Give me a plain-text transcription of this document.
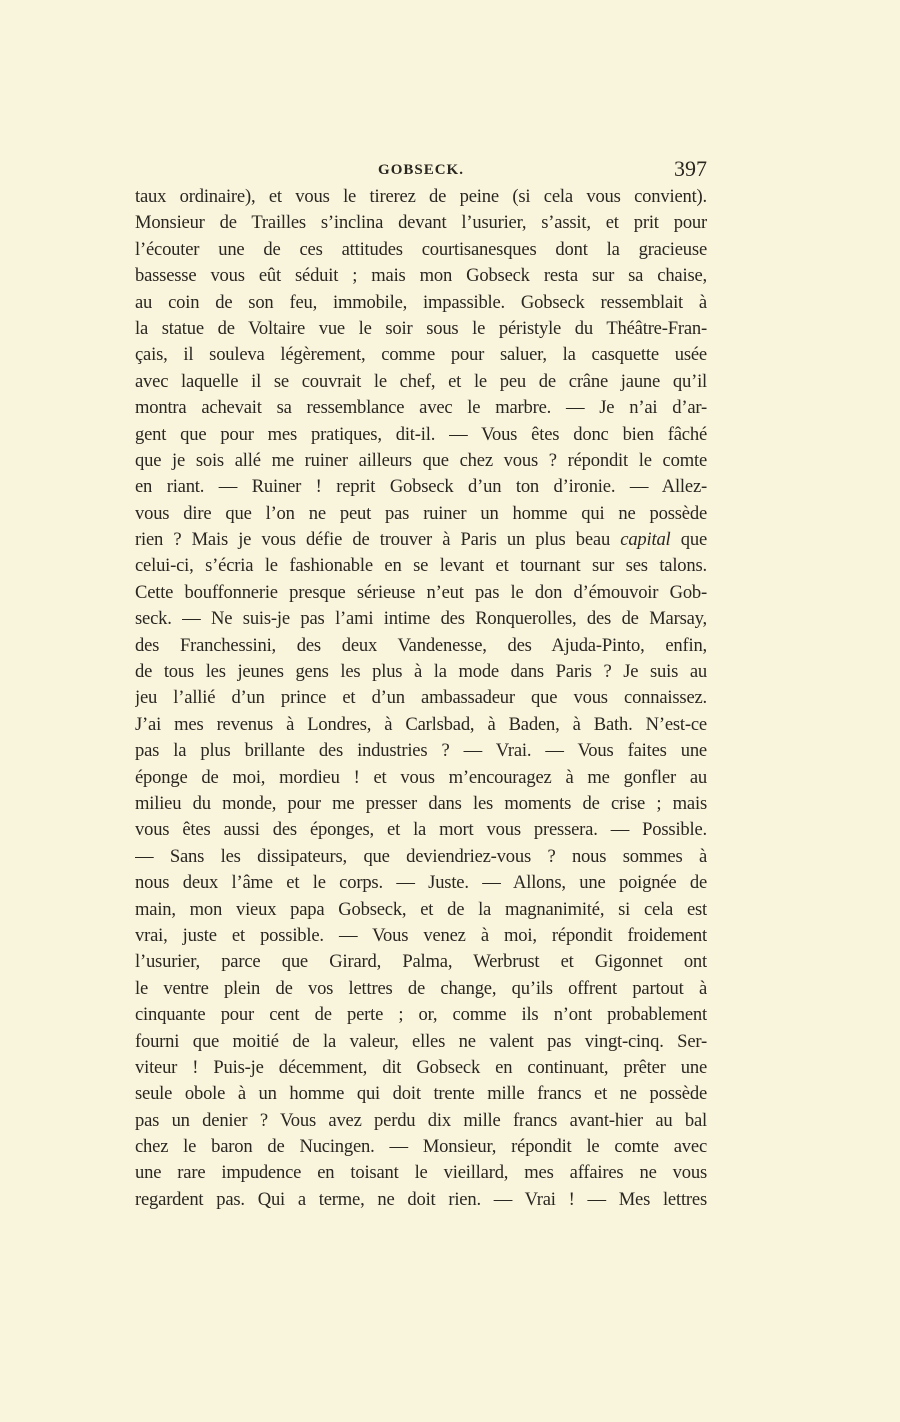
GOBSECK.	397
taux ordinaire), et vous le tirerez de peine (si cela vous convient).
Monsieur de Trailles s’inclina devant l’usurier, s’assit, et prit pour
l’écouter une de ces attitudes courtisanesques dont la gracieuse
bassesse vous eût séduit ; mais mon Gobseck resta sur sa chaise,
au coin de son feu, immobile, impassible. Gobseck ressemblait à
la statue de Voltaire vue le soir sous le péristyle du Théâtre-Fran-
çais, il souleva légèrement, comme pour saluer, la casquette usée
avec laquelle il se couvrait le chef, et le peu de crâne jaune qu’il
montra achevait sa ressemblance avec le marbre. — Je n’ai d’ar-
gent que pour mes pratiques, dit-il. — Vous êtes donc bien fâché
que je sois allé me ruiner ailleurs que chez vous ? répondit le comte
en riant. — Ruiner ! reprit Gobseck d’un ton d’ironie. — Allez-
vous dire que l’on ne peut pas ruiner un homme qui ne possède
rien ? Mais je vous défie de trouver à Paris un plus beau capital que
celui-ci, s’écria le fashionable en se levant et tournant sur ses talons.
Cette bouffonnerie presque sérieuse n’eut pas le don d’émouvoir Gob-
seck. — Ne suis-je pas l’ami intime des Ronquerolles, des de Marsay,
des Franchessini, des deux Vandenesse, des Ajuda-Pinto, enfin,
de tous les jeunes gens les plus à la mode dans Paris ? Je suis au
jeu l’allié d’un prince et d’un ambassadeur que vous connaissez.
J’ai mes revenus à Londres, à Carlsbad, à Baden, à Bath. N’est-ce
pas la plus brillante des industries ? — Vrai. — Vous faites une
éponge de moi, mordieu ! et vous m’encouragez à me gonfler au
milieu du monde, pour me presser dans les moments de crise ; mais
vous êtes aussi des éponges, et la mort vous pressera. — Possible.
— Sans les dissipateurs, que deviendriez-vous ? nous sommes à
nous deux l’âme et le corps. — Juste. — Allons, une poignée de
main, mon vieux papa Gobseck, et de la magnanimité, si cela est
vrai, juste et possible. — Vous venez à moi, répondit froidement
l’usurier, parce que Girard, Palma, Werbrust et Gigonnet ont
le ventre plein de vos lettres de change, qu’ils offrent partout à
cinquante pour cent de perte ; or, comme ils n’ont probablement
fourni que moitié de la valeur, elles ne valent pas vingt-cinq. Ser-
viteur ! Puis-je décemment, dit Gobseck en continuant, prêter une
seule obole à un homme qui doit trente mille francs et ne possède
pas un denier ? Vous avez perdu dix mille francs avant-hier au bal
chez le baron de Nucingen. — Monsieur, répondit le comte avec
une rare impudence en toisant le vieillard, mes affaires ne vous
regardent pas. Qui a terme, ne doit rien. — Vrai ! — Mes lettres
